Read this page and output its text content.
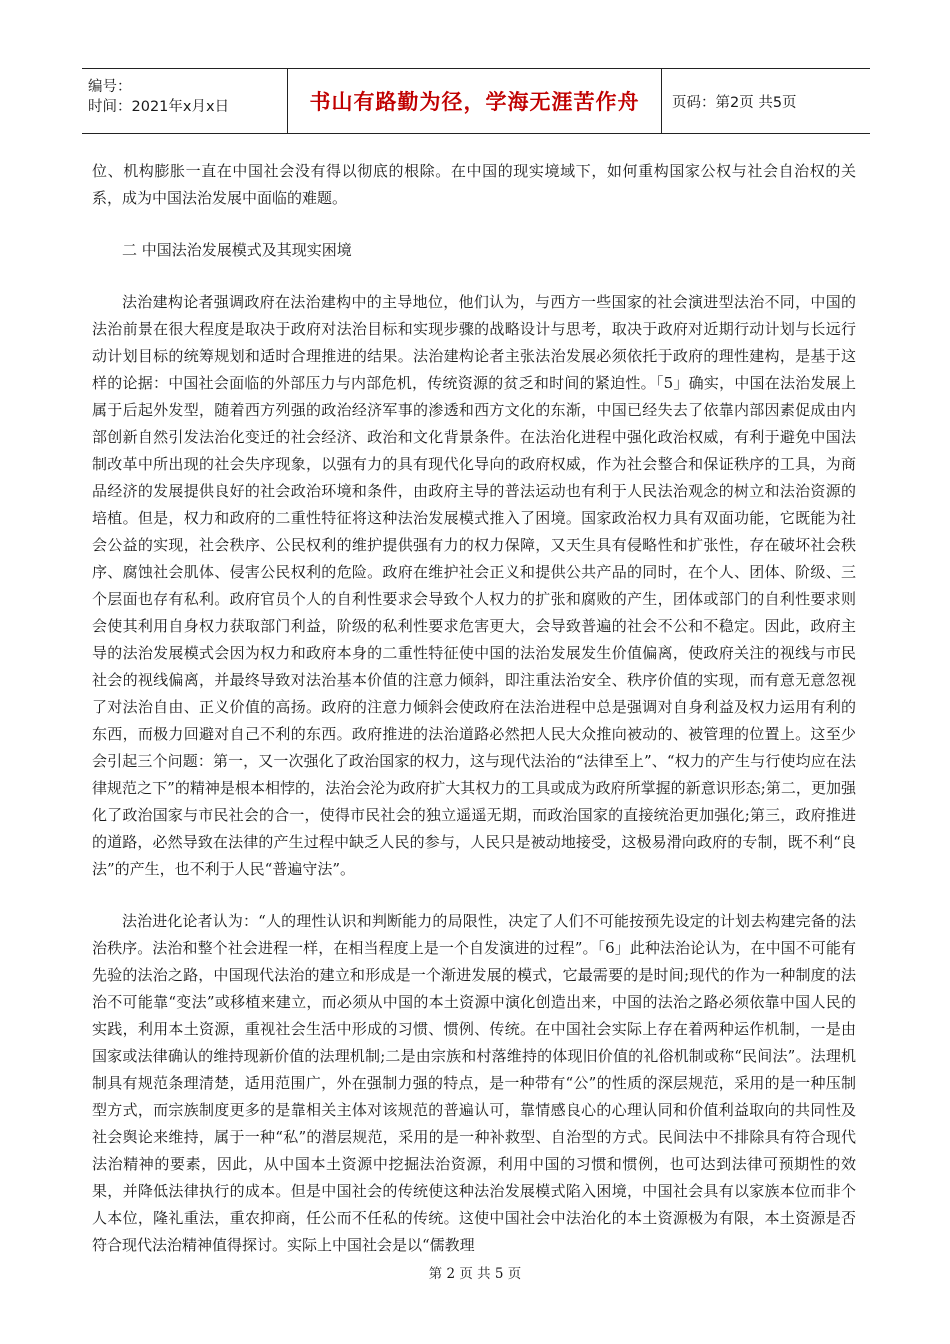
编号：
时间：2021年x月x日	书山有路勤为径，学海无涯苦作舟	页码：第2页 共5页

位、机构膨胀一直在中国社会没有得以彻底的根除。在中国的现实境域下，如何重构国家公权与社会自治权的关系，成为中国法治发展中面临的难题。

二 中国法治发展模式及其现实困境

法治建构论者强调政府在法治建构中的主导地位，他们认为，与西方一些国家的社会演进型法治不同，中国的法治前景在很大程度是取决于政府对法治目标和实现步骤的战略设计与思考，取决于政府对近期行动计划与长远行动计划目标的统筹规划和适时合理推进的结果。法治建构论者主张法治发展必须依托于政府的理性建构，是基于这样的论据：中国社会面临的外部压力与内部危机，传统资源的贫乏和时间的紧迫性。「5」确实，中国在法治发展上属于后起外发型，随着西方列强的政治经济军事的渗透和西方文化的东渐，中国已经失去了依靠内部因素促成由内部创新自然引发法治化变迁的社会经济、政治和文化背景条件。在法治化进程中强化政治权威，有利于避免中国法制改革中所出现的社会失序现象，以强有力的具有现代化导向的政府权威，作为社会整合和保证秩序的工具，为商品经济的发展提供良好的社会政治环境和条件，由政府主导的普法运动也有利于人民法治观念的树立和法治资源的培植。但是，权力和政府的二重性特征将这种法治发展模式推入了困境。国家政治权力具有双面功能，它既能为社会公益的实现，社会秩序、公民权利的维护提供强有力的权力保障，又天生具有侵略性和扩张性，存在破坏社会秩序、腐蚀社会肌体、侵害公民权利的危险。政府在维护社会正义和提供公共产品的同时，在个人、团体、阶级、三个层面也存有私利。政府官员个人的自利性要求会导致个人权力的扩张和腐败的产生，团体或部门的自利性要求则会使其利用自身权力获取部门利益，阶级的私利性要求危害更大，会导致普遍的社会不公和不稳定。因此，政府主导的法治发展模式会因为权力和政府本身的二重性特征使中国的法治发展发生价值偏离，使政府关注的视线与市民社会的视线偏离，并最终导致对法治基本价值的注意力倾斜，即注重法治安全、秩序价值的实现，而有意无意忽视了对法治自由、正义价值的高扬。政府的注意力倾斜会使政府在法治进程中总是强调对自身利益及权力运用有利的东西，而极力回避对自己不利的东西。政府推进的法治道路必然把人民大众推向被动的、被管理的位置上。这至少会引起三个问题：第一，又一次强化了政治国家的权力，这与现代法治的“法律至上”、“权力的产生与行使均应在法律规范之下”的精神是根本相悖的，法治会沦为政府扩大其权力的工具或成为政府所掌握的新意识形态;第二，更加强化了政治国家与市民社会的合一，使得市民社会的独立遥遥无期，而政治国家的直接统治更加强化;第三，政府推进的道路，必然导致在法律的产生过程中缺乏人民的参与，人民只是被动地接受，这极易滑向政府的专制，既不利“良法”的产生，也不利于人民“普遍守法”。

法治进化论者认为：“人的理性认识和判断能力的局限性，决定了人们不可能按预先设定的计划去构建完备的法治秩序。法治和整个社会进程一样，在相当程度上是一个自发演进的过程”。「6」此种法治论认为，在中国不可能有先验的法治之路，中国现代法治的建立和形成是一个渐进发展的模式，它最需要的是时间;现代的作为一种制度的法治不可能靠“变法”或移植来建立，而必须从中国的本土资源中演化创造出来，中国的法治之路必须依靠中国人民的实践，利用本土资源，重视社会生活中形成的习惯、惯例、传统。在中国社会实际上存在着两种运作机制，一是由国家或法律确认的维持现新价值的法理机制;二是由宗族和村落维持的体现旧价值的礼俗机制或称“民间法”。法理机制具有规范条理清楚，适用范围广，外在强制力强的特点，是一种带有“公”的性质的深层规范，采用的是一种压制型方式，而宗族制度更多的是靠相关主体对该规范的普遍认可，靠情感良心的心理认同和价值利益取向的共同性及社会舆论来维持，属于一种“私”的潜层规范，采用的是一种补救型、自治型的方式。民间法中不排除具有符合现代法治精神的要素，因此，从中国本土资源中挖掘法治资源，利用中国的习惯和惯例，也可达到法律可预期性的效果，并降低法律执行的成本。但是中国社会的传统使这种法治发展模式陷入困境，中国社会具有以家族本位而非个人本位，隆礼重法，重农抑商，任公而不任私的传统。这使中国社会中法治化的本土资源极为有限，本土资源是否符合现代法治精神值得探讨。实际上中国社会是以“儒教理

第 2 页 共 5 页
